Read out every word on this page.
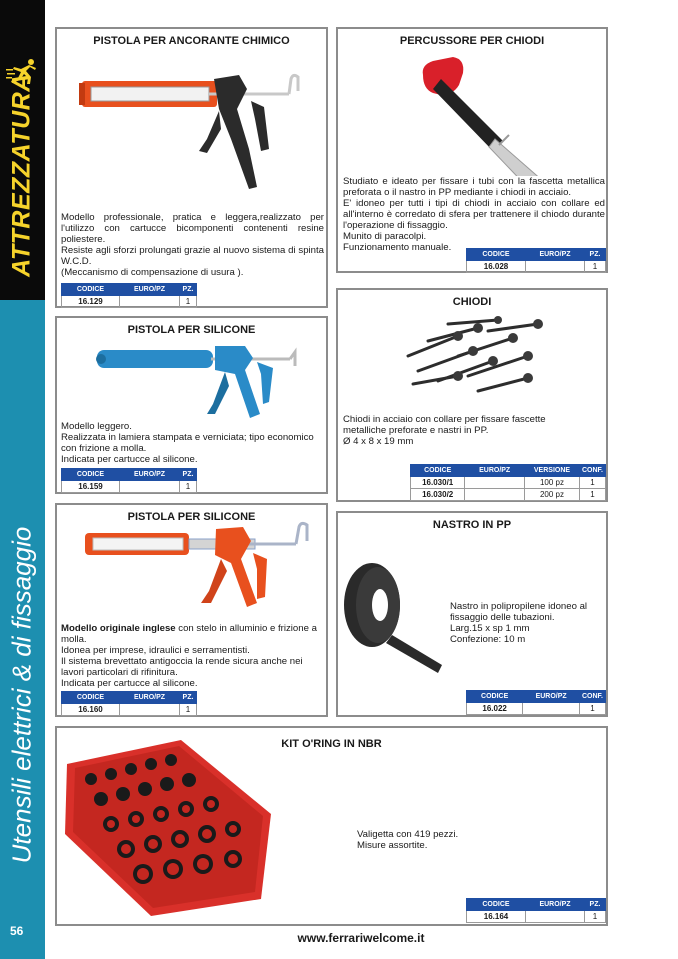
ATTREZZATURA
Utensili elettrici & di fissaggio
56
PISTOLA PER ANCORANTE CHIMICO

Modello professionale, pratica e leggera,realizzato per l'utilizzo con cartucce bicomponenti contenenti resine poliestere.

Resiste agli sforzi prolungati grazie al nuovo sistema di spinta W.C.D.

(Meccanismo di compensazione di usura ).

CODICE	EURO/PZ	PZ.
16.129		1
PERCUSSORE PER CHIODI

Studiato e ideato per fissare i tubi con la fascetta metallica preforata o il nastro in PP mediante i chiodi in acciaio.

E' idoneo per tutti i tipi di chiodi in acciaio con collare ed all'interno è corredato di sfera per trattenere il chiodo durante l'operazione di fissaggio.

Munito di paracolpi.

Funzionamento manuale.

CODICE	EURO/PZ	PZ.
16.028		1
PISTOLA PER SILICONE

Modello leggero.

Realizzata in lamiera stampata e verniciata; tipo economico con frizione a molla.

Indicata per cartucce al silicone.

CODICE	EURO/PZ	PZ.
16.159		1
CHIODI

Chiodi in acciaio con collare per fissare fascette metalliche preforate e nastri in PP.

Ø 4 x 8 x 19 mm

CODICE	EURO/PZ	VERSIONE	CONF.
16.030/1		100 pz	1
16.030/2		200 pz	1
PISTOLA PER SILICONE

Modello originale inglese con stelo in alluminio e frizione a molla.

Idonea per imprese, idraulici e serramentisti.

Il sistema brevettato antigoccia la rende sicura anche nei lavori particolari di rifinitura.

Indicata per cartucce al silicone.

CODICE	EURO/PZ	PZ.
16.160		1
NASTRO IN PP

Nastro in polipropilene idoneo al fissaggio delle tubazioni.

Larg.15 x sp 1 mm

Confezione: 10 m

CODICE	EURO/PZ	CONF.
16.022		1
KIT O'RING IN NBR

Valigetta con 419 pezzi.

Misure assortite.

CODICE	EURO/PZ	PZ.
16.164		1
www.ferrariwelcome.it
